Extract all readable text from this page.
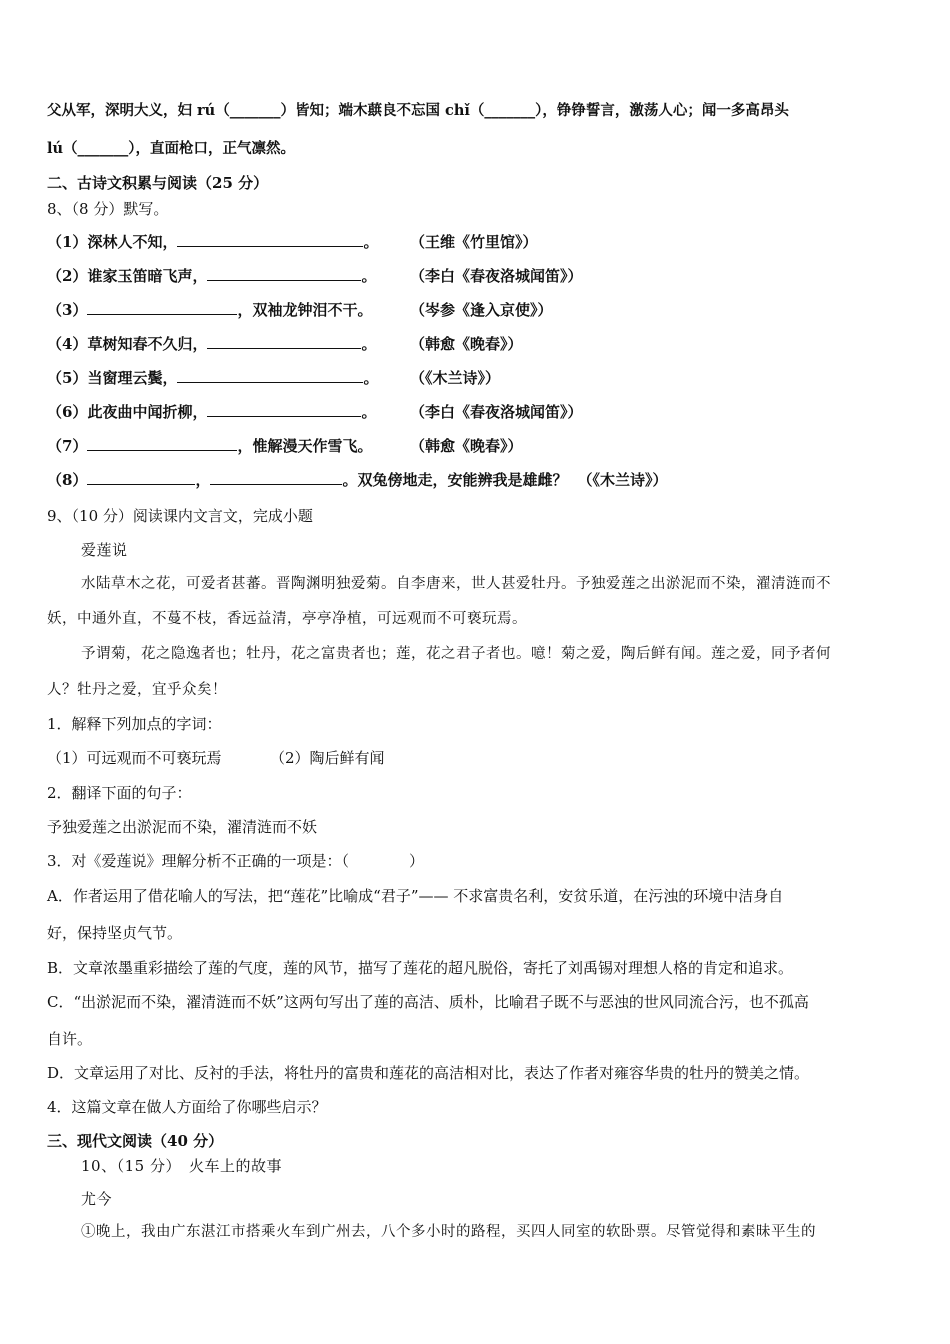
父从军，深明大义，妇 rú（_______）皆知；端木蕻良不忘国 chǐ（_______），铮铮誓言，激荡人心；闻一多高昂头
lú（_______），直面枪口，正气凛然。
二、古诗文积累与阅读（25 分）
8、（8 分）默写。
（1）深林人不知，	。 （王维《竹里馆》）
（2）谁家玉笛暗飞声，	。 （李白《春夜洛城闻笛》）
（3）	，双袖龙钟泪不干。	（岑参《逢入京使》）
（4）草树知春不久归，	。 （韩愈《晚春》）
（5）当窗理云鬓，	。 （《木兰诗》）
（6）此夜曲中闻折柳，	。 （李白《春夜洛城闻笛》）
（7）	，惟解漫天作雪飞。	（韩愈《晚春》）
（8）	，	。双兔傍地走，安能辨我是雄雌？ （《木兰诗》）
9、（10 分）阅读课内文言文，完成小题
爱莲说
水陆草木之花，可爱者甚蕃。晋陶渊明独爱菊。自李唐来，世人甚爱牡丹。予独爱莲之出淤泥而不染，濯清涟而不
妖，中通外直，不蔓不枝，香远益清，亭亭净植，可远观而不可亵玩焉。
予谓菊，花之隐逸者也；牡丹，花之富贵者也；莲，花之君子者也。噫！菊之爱，陶后鲜有闻。莲之爱，同予者何
人？牡丹之爱，宜乎众矣！
1．解释下列加点的字词：
（1）可远观而不可亵玩焉	（2）陶后鲜有闻
2．翻译下面的句子：
予独爱莲之出淤泥而不染，濯清涟而不妖
3．对《爱莲说》理解分析不正确的一项是：（　　　　）
A．作者运用了借花喻人的写法，把“莲花”比喻成“君子”—— 不求富贵名利，安贫乐道，在污浊的环境中洁身自
好，保持坚贞气节。
B．文章浓墨重彩描绘了莲的气度，莲的风节，描写了莲花的超凡脱俗，寄托了刘禹锡对理想人格的肯定和追求。
C．“出淤泥而不染，濯清涟而不妖”这两句写出了莲的高洁、质朴，比喻君子既不与恶浊的世风同流合污，也不孤高
自许。
D．文章运用了对比、反衬的手法，将牡丹的富贵和莲花的高洁相对比，表达了作者对雍容华贵的牡丹的赞美之情。
4．这篇文章在做人方面给了你哪些启示？
三、现代文阅读（40 分）
10、（15 分）　火车上的故事
尤今
①晚上，我由广东湛江市搭乘火车到广州去，八个多小时的路程，买四人同室的软卧票。尽管觉得和素昧平生的
